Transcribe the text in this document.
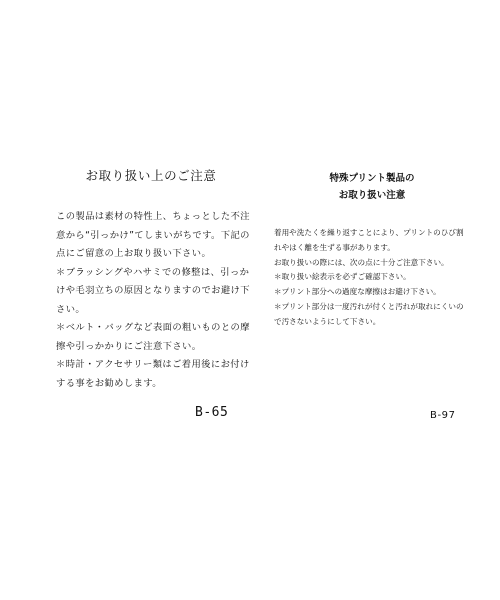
お取り扱い上のご注意

この製品は素材の特性上、ちょっとした不注意から“引っかけ”てしまいがちです。下記の点にご留意の上お取り扱い下さい。

＊ブラッシングやハサミでの修整は、引っかけや毛羽立ちの原因となりますのでお避け下さい。
＊ベルト・バッグなど表面の粗いものとの摩擦や引っかかりにご注意下さい。
＊時計・アクセサリー類はご着用後にお付けする事をお勧めします。
B-65
特殊プリント製品の
お取り扱い注意

着用や洗たくを繰り返すことにより、プリントのひび割れやはく離を生ずる事があります。

お取り扱いの際には、次の点に十分ご注意下さい。

＊取り扱い絵表示を必ずご確認下さい。

＊プリント部分への過度な摩擦はお避け下さい。

＊プリント部分は一度汚れが付くと汚れが取れにくいので汚さないようにして下さい。

B-97
